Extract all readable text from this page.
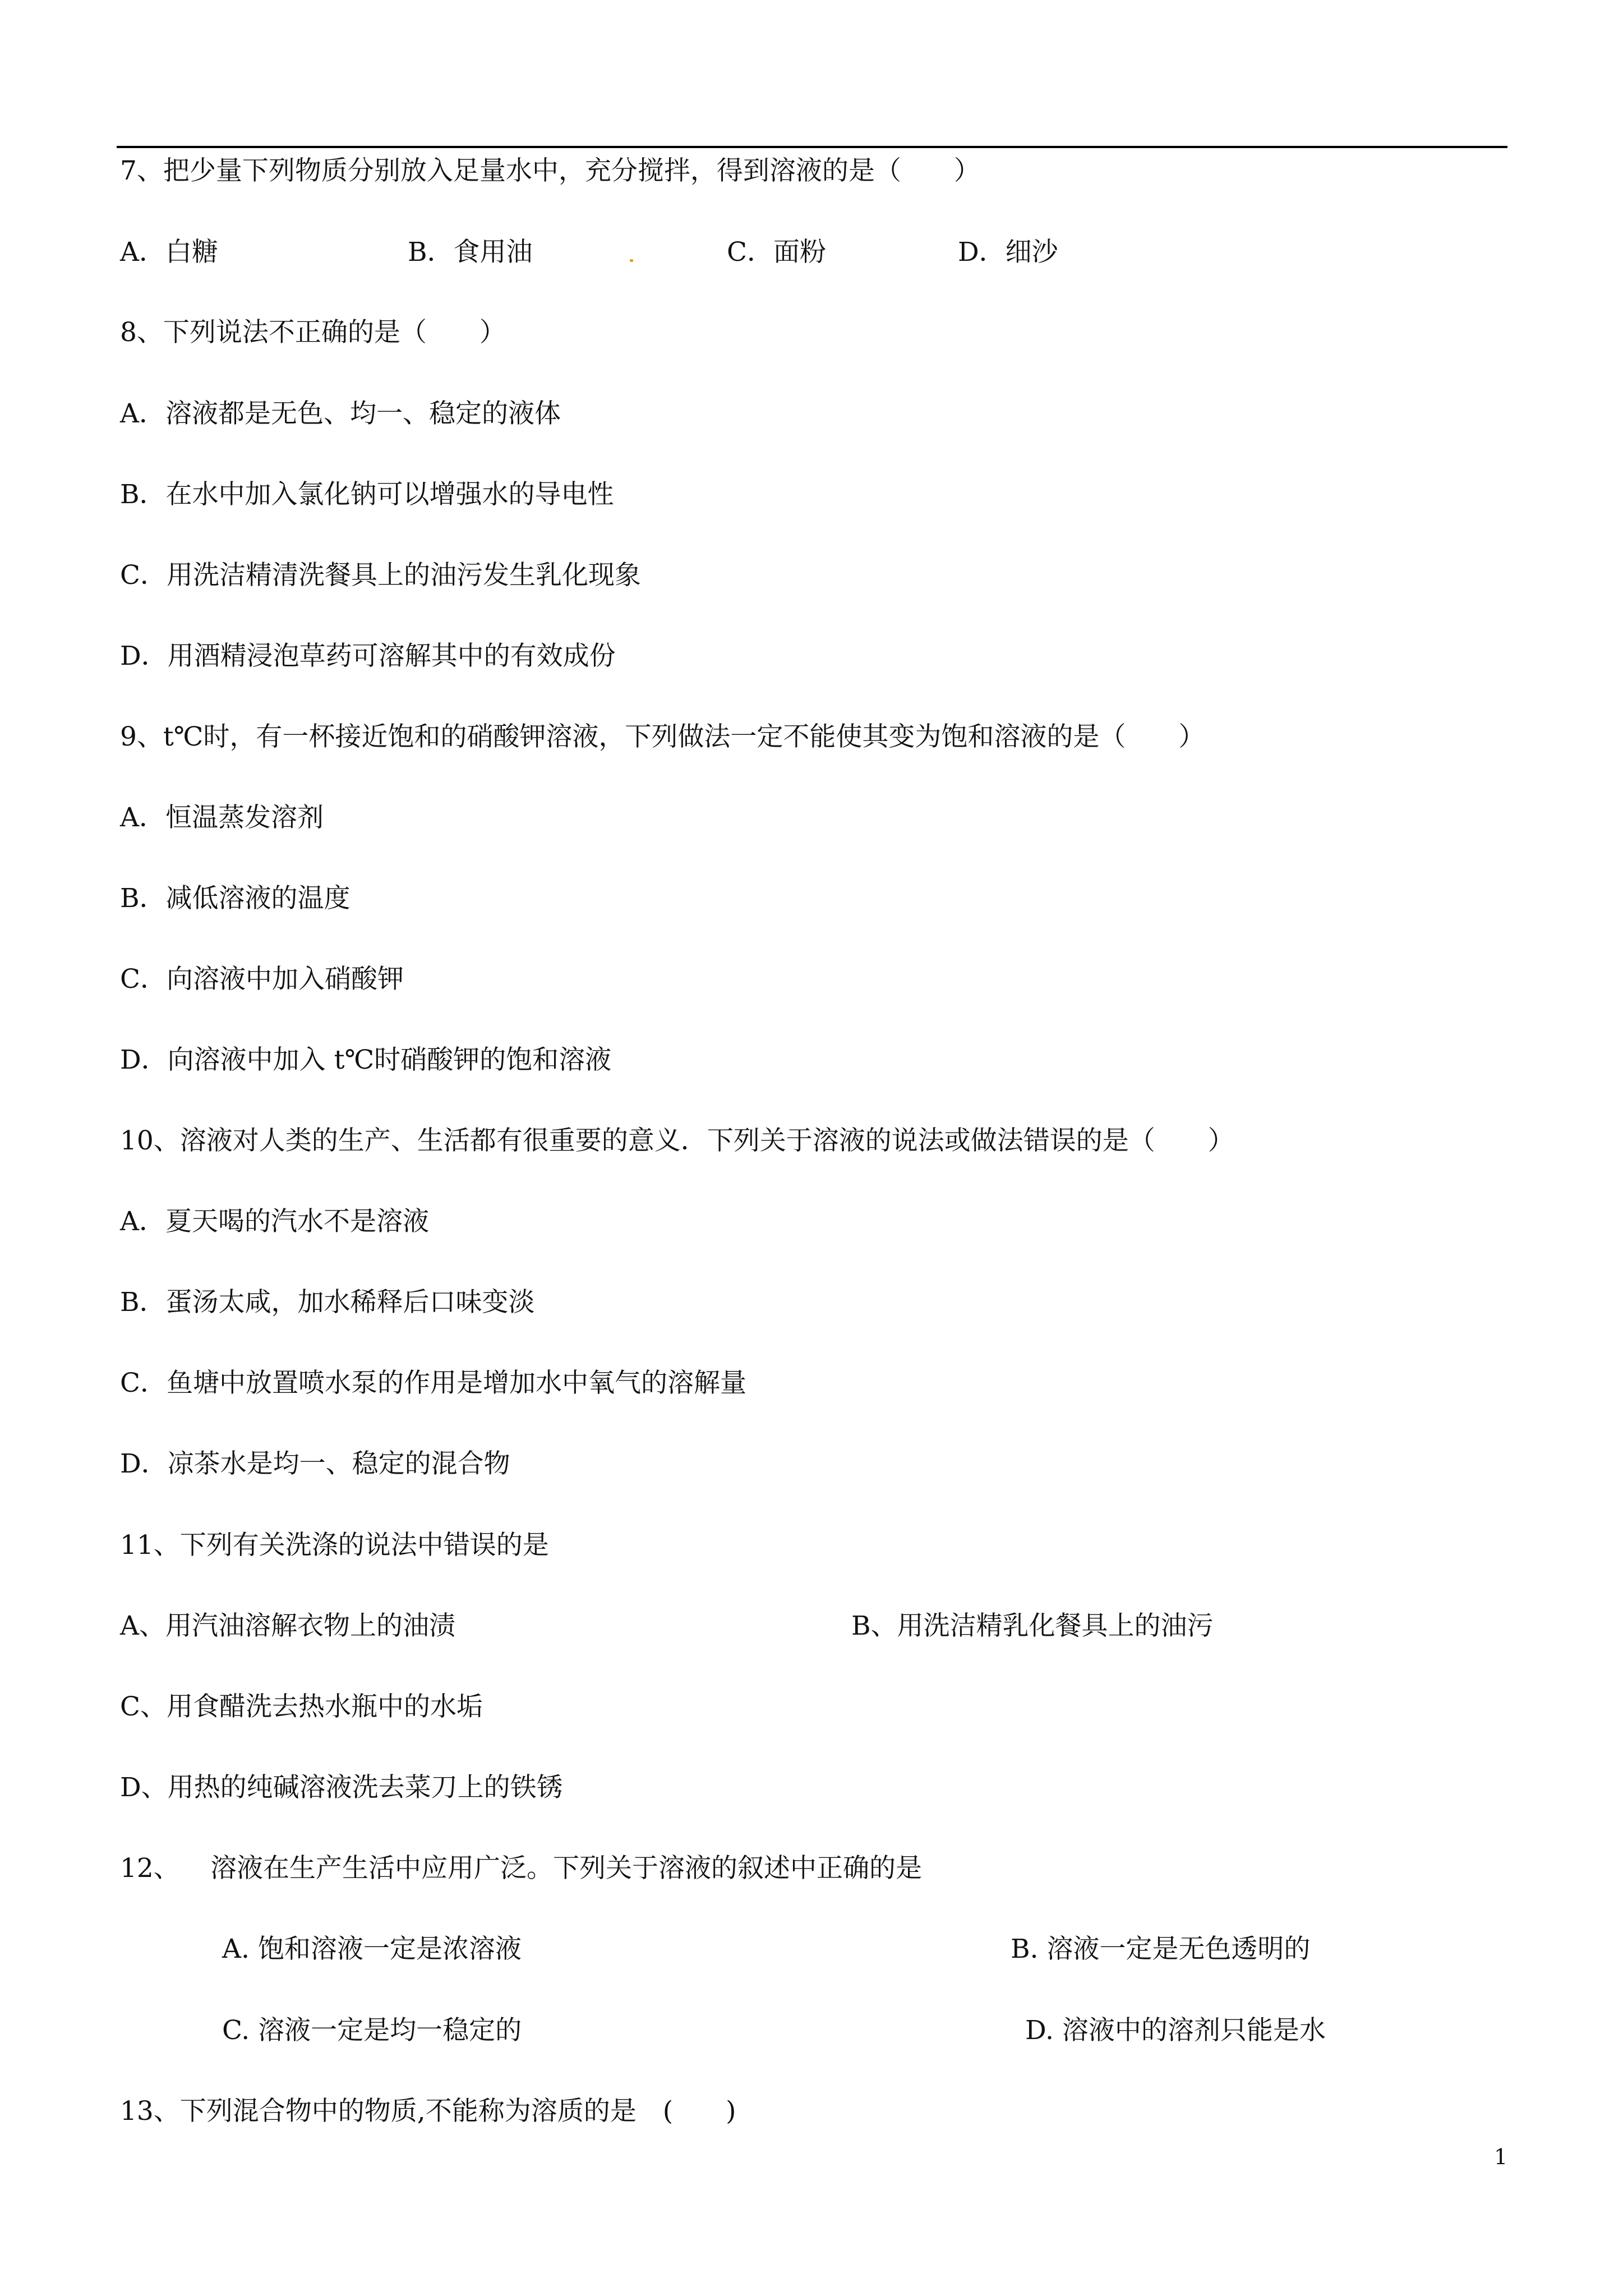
7、把少量下列物质分别放入足量水中，充分搅拌，得到溶液的是（　　）
A．白糖	B．食用油	C．面粉	D．细沙
8、下列说法不正确的是（　　）
A．溶液都是无色、均一、稳定的液体
B．在水中加入氯化钠可以增强水的导电性
C．用洗洁精清洗餐具上的油污发生乳化现象
D．用酒精浸泡草药可溶解其中的有效成份
9、t℃时，有一杯接近饱和的硝酸钾溶液，下列做法一定不能使其变为饱和溶液的是（　　）
A．恒温蒸发溶剂
B．减低溶液的温度
C．向溶液中加入硝酸钾
D．向溶液中加入 t℃时硝酸钾的饱和溶液
10、溶液对人类的生产、生活都有很重要的意义．下列关于溶液的说法或做法错误的是（　　）
A．夏天喝的汽水不是溶液
B．蛋汤太咸，加水稀释后口味变淡
C．鱼塘中放置喷水泵的作用是增加水中氧气的溶解量
D．凉茶水是均一、稳定的混合物
11、下列有关洗涤的说法中错误的是
A、用汽油溶解衣物上的油渍	B、用洗洁精乳化餐具上的油污
C、用食醋洗去热水瓶中的水垢
D、用热的纯碱溶液洗去菜刀上的铁锈
12、 溶液在生产生活中应用广泛。下列关于溶液的叙述中正确的是
A. 饱和溶液一定是浓溶液	B. 溶液一定是无色透明的
C. 溶液一定是均一稳定的	D. 溶液中的溶剂只能是水
13、下列混合物中的物质,不能称为溶质的是　(　　)
1
